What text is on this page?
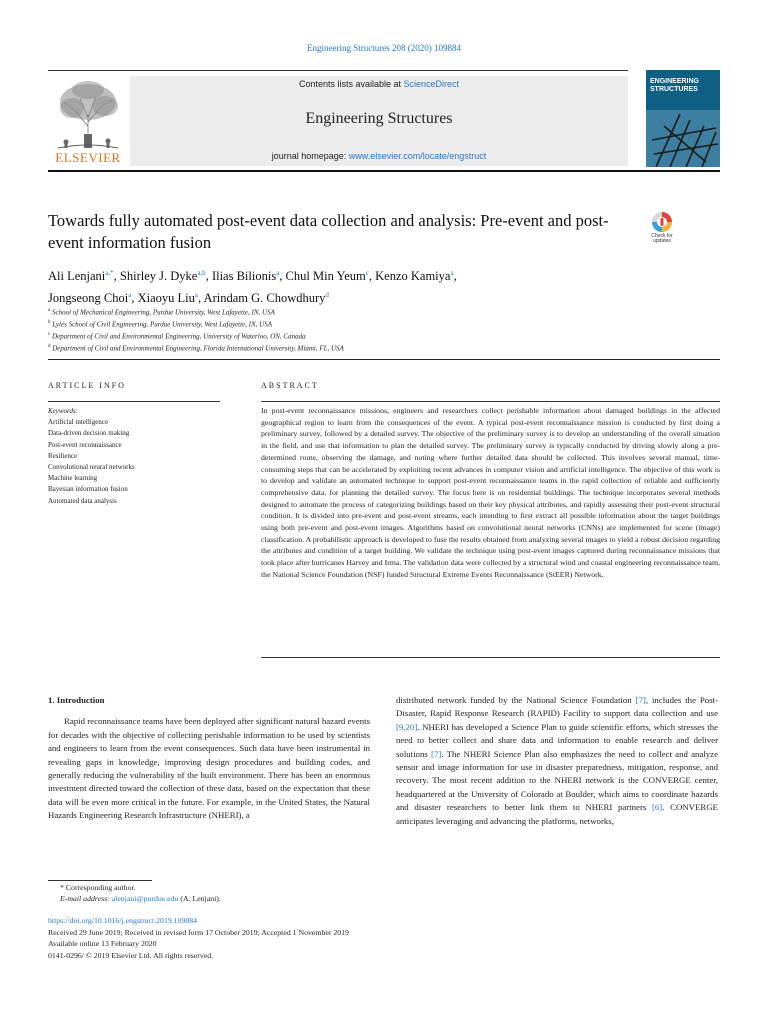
Engineering Structures 208 (2020) 109884
ELSEVIER
Contents lists available at ScienceDirect
Engineering Structures
journal homepage: www.elsevier.com/locate/engstruct
ENGINEERING
STRUCTURES
Towards fully automated post-event data collection and analysis: Pre-event and post-event information fusion	Check for updates
Ali Lenjani$^{a,*}$, Shirley J. Dyke$^{a,b}$, Ilias Bilionis$^a$, Chul Min Yeum$^c$, Kenzo Kamiya$^a$,
Jongseong Choi$^a$, Xiaoyu Liu$^a$, Arindam G. Chowdhury$^d$
$^a$ School of Mechanical Engineering, Purdue University, West Lafayette, IN, USA
$^b$ Lyles School of Civil Engineering, Purdue University, West Lafayette, IN, USA
$^c$ Department of Civil and Environmental Engineering, University of Waterloo, ON, Canada
$^d$ Department of Civil and Environmental Engineering, Florida International University, Miami, FL, USA
ARTICLE INFO	ABSTRACT
Keywords:
Artificial intelligence
Data-driven decision making
Post-event reconnaissance
Resilience
Convolutional neural networks
Machine learning
Bayesian information fusion
Automated data analysis
In post-event reconnaissance missions, engineers and researchers collect perishable information about damaged buildings in the affected geographical region to learn from the consequences of the event. A typical post-event reconnaissance mission is conducted by first doing a preliminary survey, followed by a detailed survey. The objective of the preliminary survey is to develop an understanding of the overall situation in the field, and use that information to plan the detailed survey. The preliminary survey is typically conducted by driving slowly along a pre-determined route, observing the damage, and noting where further detailed data should be collected. This involves several manual, time-consuming steps that can be accelerated by exploiting recent advances in computer vision and artificial intelligence. The objective of this work is to develop and validate an automated technique to support post-event reconnaissance teams in the rapid collection of reliable and sufficiently comprehensive data, for planning the detailed survey. The focus here is on residential buildings. The technique incorporates several methods designed to automate the process of categorizing buildings based on their key physical attributes, and rapidly assessing their post-event structural condition. It is divided into pre-event and post-event streams, each intending to first extract all possible information about the target buildings using both pre-event and post-event images. Algorithms based on convolutional neural networks (CNNs) are implemented for scene (image) classification. A probabilistic approach is developed to fuse the results obtained from analyzing several images to yield a robust decision regarding the attributes and condition of a target building. We validate the technique using post-event images captured during reconnaissance missions that took place after hurricanes Harvey and Irma. The validation data were collected by a structural wind and coastal engineering reconnaissance team, the National Science Foundation (NSF) funded Structural Extreme Events Reconnaissance (StEER) Network.
1. Introduction

Rapid reconnaissance teams have been deployed after significant natural hazard events for decades with the objective of collecting perishable information to be used by scientists and engineers to learn from the event consequences. Such data have been instrumental in revealing gaps in knowledge, improving design procedures and building codes, and generally reducing the vulnerability of the built environment. There has been an enormous investment directed toward the collection of these data, based on the expectation that these data will be even more critical in the future. For example, in the United States, the Natural Hazards Engineering Research Infrastructure (NHERI), a

distributed network funded by the National Science Foundation [7], includes the Post-Disaster, Rapid Response Research (RAPID) Facility to support data collection and use [9,20]. NHERI has developed a Science Plan to guide scientific efforts, which stresses the need to better collect and share data and information to enable research and deliver solutions [7]. The NHERI Science Plan also emphasizes the need to collect and analyze sensor and image information for use in disaster preparedness, mitigation, response, and recovery. The most recent addition to the NHERI network is the CONVERGE center, headquartered at the University of Colorado at Boulder, which aims to coordinate hazards and disaster researchers to better link them to NHERI partners [6]. CONVERGE anticipates leveraging and advancing the platforms, networks,

* Corresponding author.
E-mail address: alenjani@purdue.edu (A. Lenjani).
https://doi.org/10.1016/j.engstruct.2019.109884
Received 29 June 2019; Received in revised form 17 October 2019; Accepted 1 November 2019
Available online 13 February 2020
0141-0296/ © 2019 Elsevier Ltd. All rights reserved.
